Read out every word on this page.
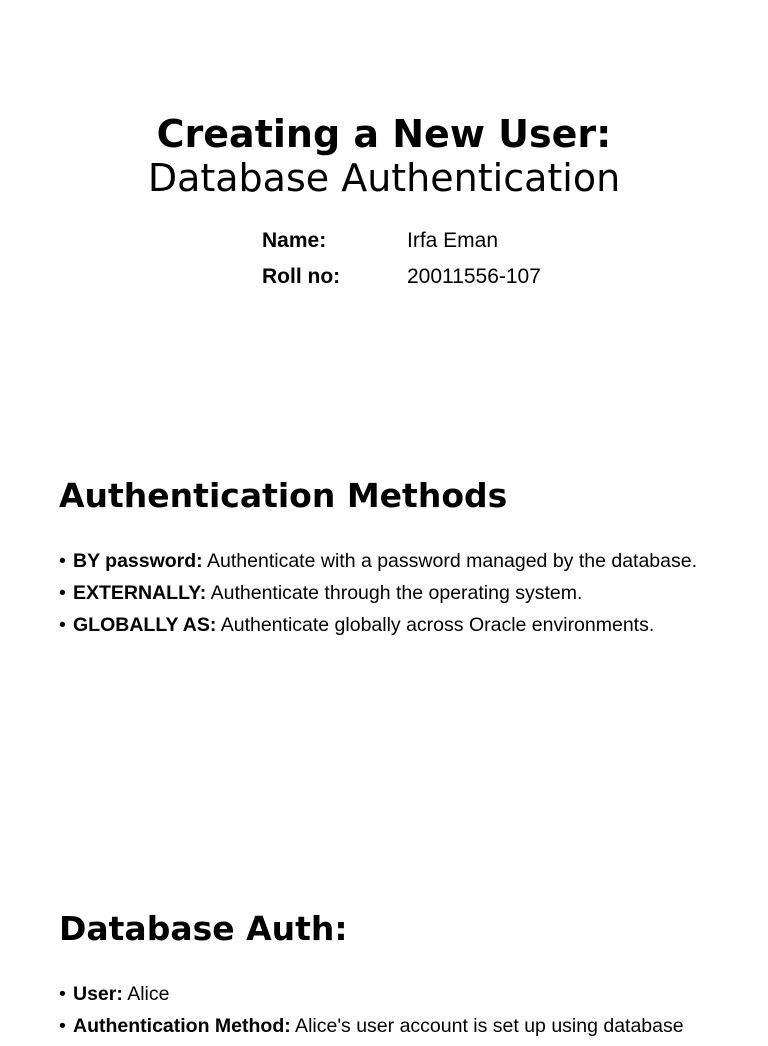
Creating a New User:
Database Authentication
Name:	Irfa Eman
Roll no:	20011556-107
Authentication Methods
• BY password: Authenticate with a password managed by the database.
• EXTERNALLY: Authenticate through the operating system.
• GLOBALLY AS: Authenticate globally across Oracle environments.
Database Auth:
• User: Alice
• Authentication Method: Alice's user account is set up using database
